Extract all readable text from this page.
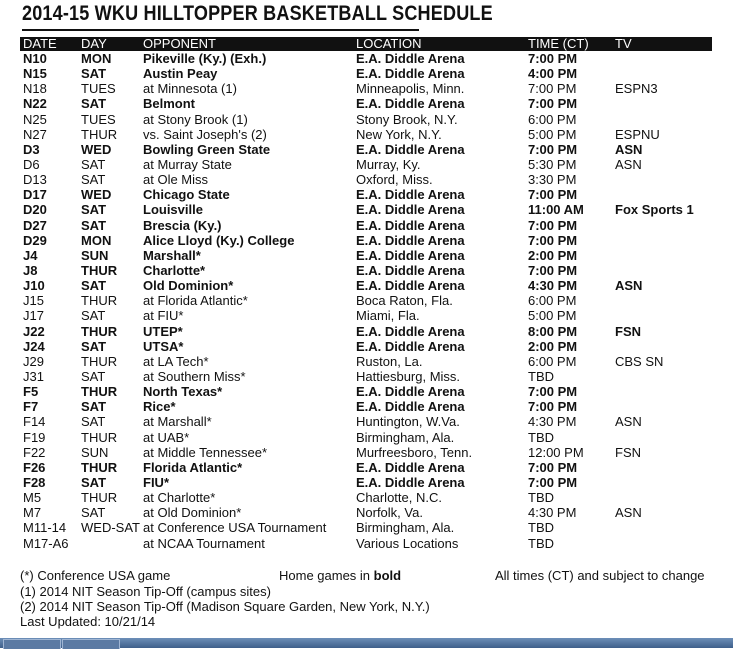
2014-15 WKU HILLTOPPER BASKETBALL SCHEDULE
DATE	DAY	OPPONENT	LOCATION	TIME (CT)	TV
N10	MON	Pikeville (Ky.) (Exh.)	E.A. Diddle Arena	7:00 PM	
N15	SAT	Austin Peay	E.A. Diddle Arena	4:00 PM	
N18	TUES	at Minnesota (1)	Minneapolis, Minn.	7:00 PM	ESPN3
N22	SAT	Belmont	E.A. Diddle Arena	7:00 PM	
N25	TUES	at Stony Brook (1)	Stony Brook, N.Y.	6:00 PM	
N27	THUR	vs. Saint Joseph's (2)	New York, N.Y.	5:00 PM	ESPNU
D3	WED	Bowling Green State	E.A. Diddle Arena	7:00 PM	ASN
D6	SAT	at Murray State	Murray, Ky.	5:30 PM	ASN
D13	SAT	at Ole Miss	Oxford, Miss.	3:30 PM	
D17	WED	Chicago State	E.A. Diddle Arena	7:00 PM	
D20	SAT	Louisville	E.A. Diddle Arena	11:00 AM	Fox Sports 1
D27	SAT	Brescia (Ky.)	E.A. Diddle Arena	7:00 PM	
D29	MON	Alice Lloyd (Ky.) College	E.A. Diddle Arena	7:00 PM	
J4	SUN	Marshall*	E.A. Diddle Arena	2:00 PM	
J8	THUR	Charlotte*	E.A. Diddle Arena	7:00 PM	
J10	SAT	Old Dominion*	E.A. Diddle Arena	4:30 PM	ASN
J15	THUR	at Florida Atlantic*	Boca Raton, Fla.	6:00 PM	
J17	SAT	at FIU*	Miami, Fla.	5:00 PM	
J22	THUR	UTEP*	E.A. Diddle Arena	8:00 PM	FSN
J24	SAT	UTSA*	E.A. Diddle Arena	2:00 PM	
J29	THUR	at LA Tech*	Ruston, La.	6:00 PM	CBS SN
J31	SAT	at Southern Miss*	Hattiesburg, Miss.	TBD	
F5	THUR	North Texas*	E.A. Diddle Arena	7:00 PM	
F7	SAT	Rice*	E.A. Diddle Arena	7:00 PM	
F14	SAT	at Marshall*	Huntington, W.Va.	4:30 PM	ASN
F19	THUR	at UAB*	Birmingham, Ala.	TBD	
F22	SUN	at Middle Tennessee*	Murfreesboro, Tenn.	12:00 PM	FSN
F26	THUR	Florida Atlantic*	E.A. Diddle Arena	7:00 PM	
F28	SAT	FIU*	E.A. Diddle Arena	7:00 PM	
M5	THUR	at Charlotte*	Charlotte, N.C.	TBD	
M7	SAT	at Old Dominion*	Norfolk, Va.	4:30 PM	ASN
M11-14	WED-SAT	at Conference USA Tournament	Birmingham, Ala.	TBD	
M17-A6		at NCAA Tournament	Various Locations	TBD	
(*) Conference USA game	Home games in bold	All times (CT) and subject to change
(1) 2014 NIT Season Tip-Off (campus sites)
(2) 2014 NIT Season Tip-Off (Madison Square Garden, New York, N.Y.)
Last Updated: 10/21/14
